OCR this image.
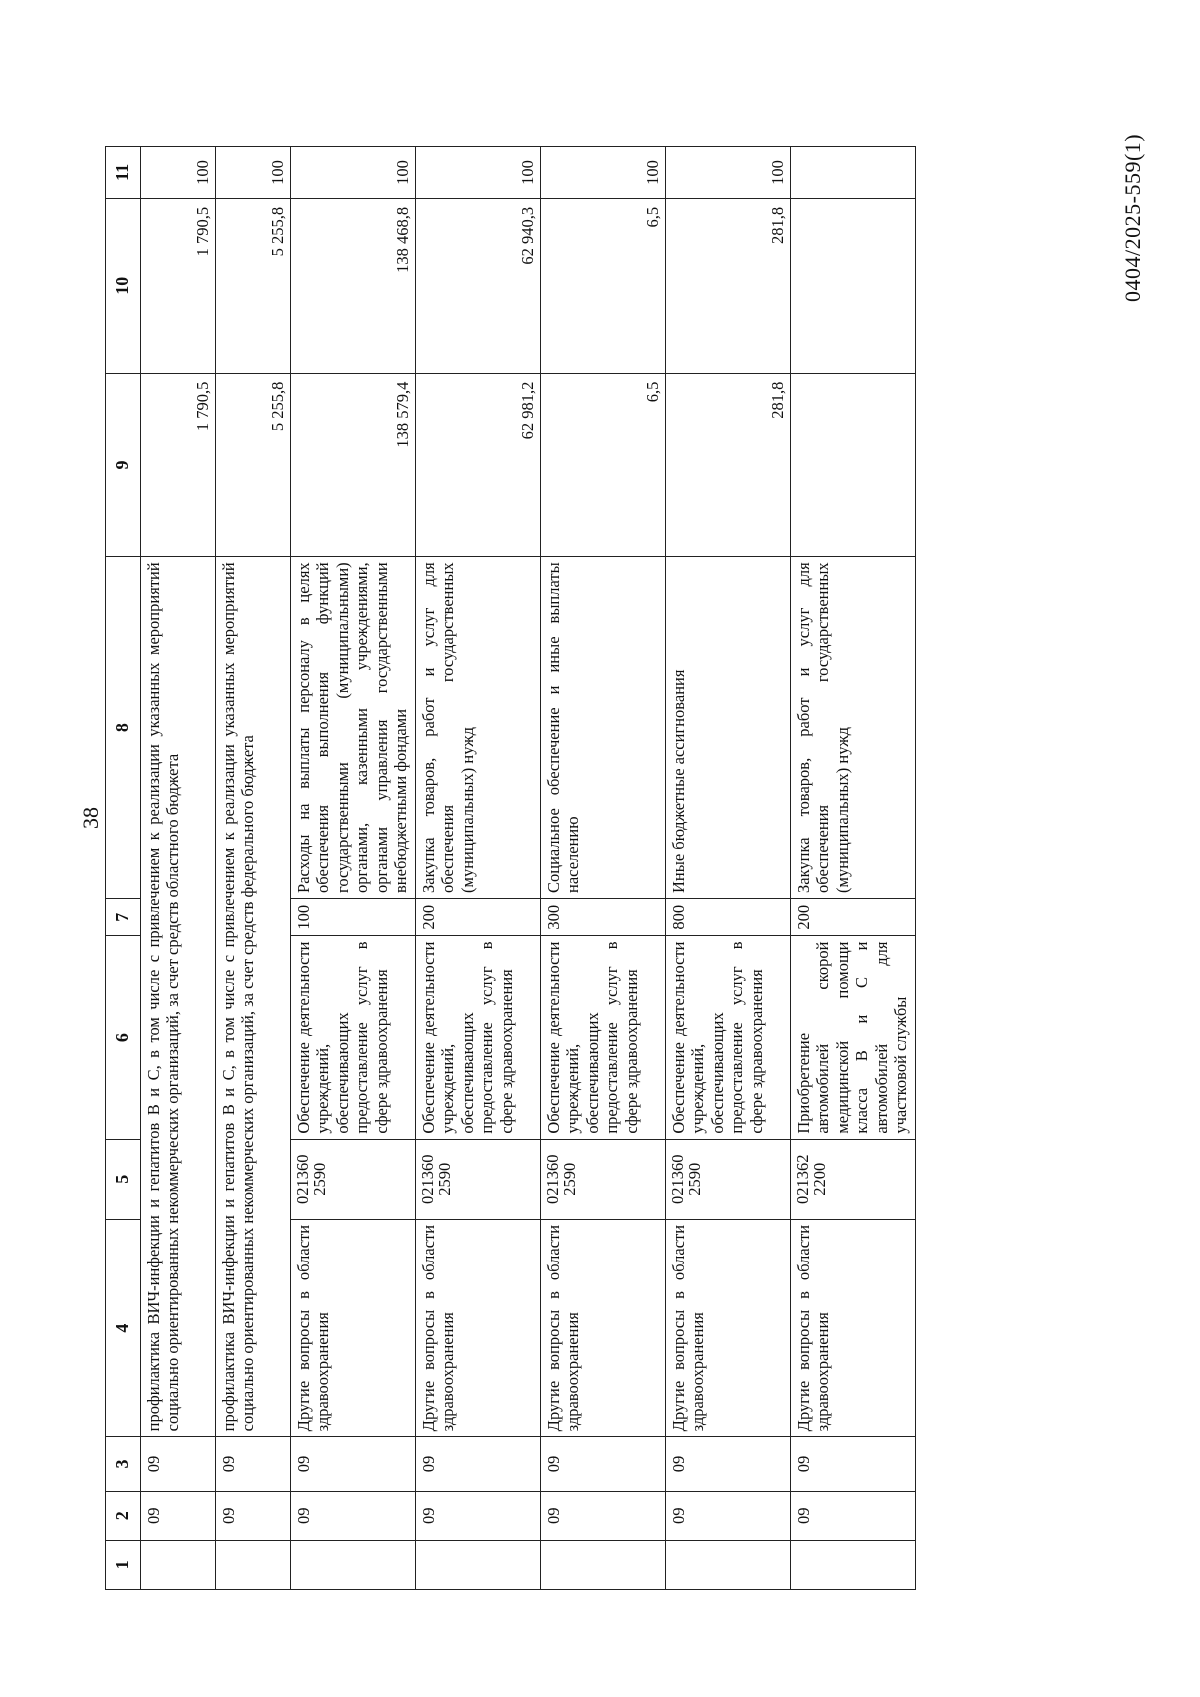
38
1	2	3	4	5	6	7	8	9	10	11
	09	09	профилактика ВИЧ-инфекции и гепатитов В и С, в том числе с привлечением к реализации указанных мероприятий социально ориентированных некоммерческих организаций, за счет средств областного бюджета					1 790,5	1 790,5	100
	09	09	профилактика ВИЧ-инфекции и гепатитов В и С, в том числе с привлечением к реализации указанных мероприятий социально ориентированных некоммерческих организаций, за счет средств федерального бюджета					5 255,8	5 255,8	100
	09	09	Другие вопросы в области здравоохранения	021360 2590	Обеспечение деятельности учреждений, обеспечивающих предоставление услуг в сфере здравоохранения	100	Расходы на выплаты персоналу в целях обеспечения выполнения функций государственными (муниципальными) органами, казенными учреждениями, органами управления государственными внебюджетными фондами	138 579,4	138 468,8	100
	09	09	Другие вопросы в области здравоохранения	021360 2590	Обеспечение деятельности учреждений, обеспечивающих предоставление услуг в сфере здравоохранения	200	Закупка товаров, работ и услуг для обеспечения государственных (муниципальных) нужд	62 981,2	62 940,3	100
	09	09	Другие вопросы в области здравоохранения	021360 2590	Обеспечение деятельности учреждений, обеспечивающих предоставление услуг в сфере здравоохранения	300	Социальное обеспечение и иные выплаты населению	6,5	6,5	100
	09	09	Другие вопросы в области здравоохранения	021360 2590	Обеспечение деятельности учреждений, обеспечивающих предоставление услуг в сфере здравоохранения	800	Иные бюджетные ассигнования	281,8	281,8	100
	09	09	Другие вопросы в области здравоохранения	021362 2200	Приобретение автомобилей скорой медицинской помощи класса В и С и автомобилей для участковой службы	200	Закупка товаров, работ и услуг для обеспечения государственных (муниципальных) нужд			
0404/2025-559(1)
